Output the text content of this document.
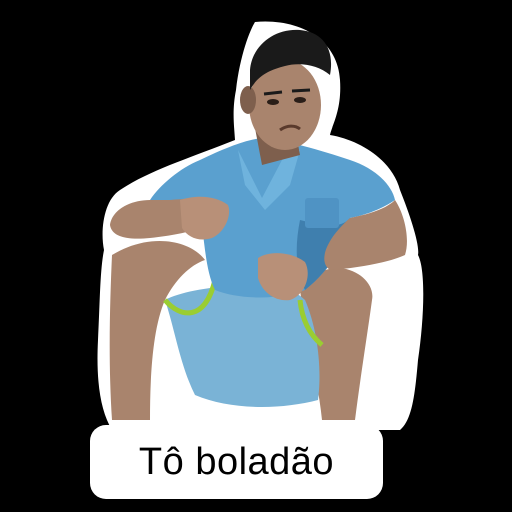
Tô boladão
